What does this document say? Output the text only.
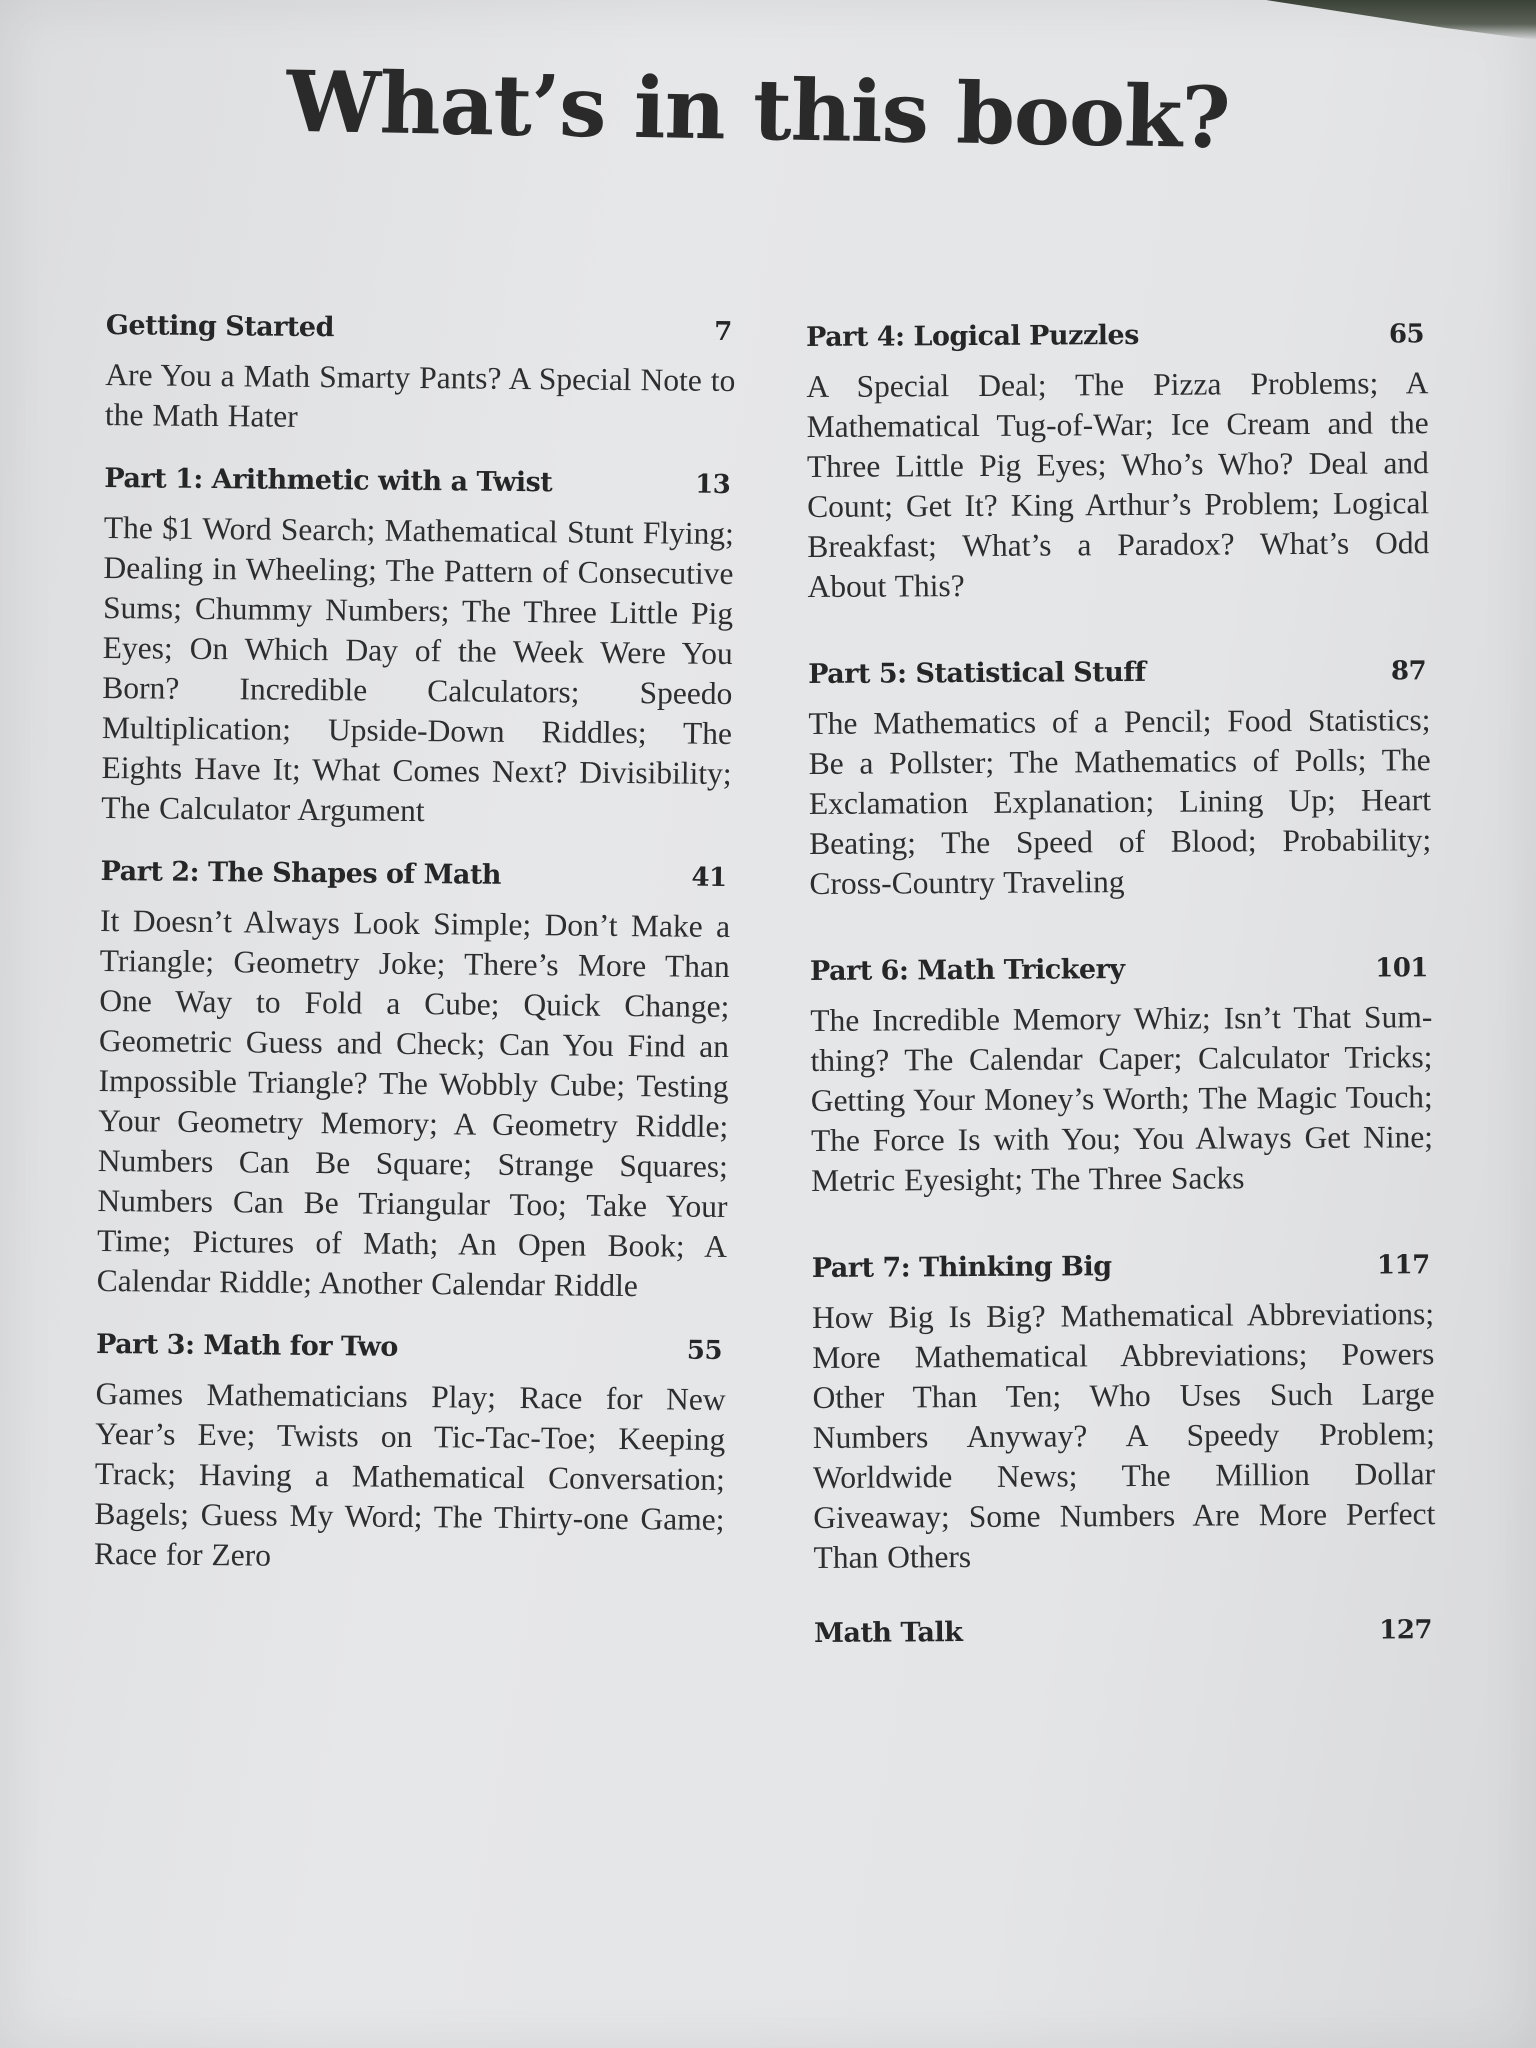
What’s in this book?
Getting Started	7

Are You a Math Smarty Pants? A Special Note to the Math Hater

Part 1: Arithmetic with a Twist	13

The $1 Word Search; Mathematical Stunt Flying; Dealing in Wheeling; The Pattern of Consecutive Sums; Chummy Numbers; The Three Little Pig Eyes; On Which Day of the Week Were You Born? Incredible Calculators; Speedo Multiplication; Upside-Down Riddles; The Eights Have It; What Comes Next? Divisibility; The Calculator Argument

Part 2: The Shapes of Math	41

It Doesn’t Always Look Simple; Don’t Make a Triangle; Geometry Joke; There’s More Than One Way to Fold a Cube; Quick Change; Geometric Guess and Check; Can You Find an Impossible Triangle? The Wobbly Cube; Testing Your Geometry Memory; A Geometry Riddle; Numbers Can Be Square; Strange Squares; Numbers Can Be Triangular Too; Take Your Time; Pictures of Math; An Open Book; A Calendar Riddle; Another Calendar Riddle

Part 3: Math for Two	55

Games Mathematicians Play; Race for New Year’s Eve; Twists on Tic-Tac-Toe; Keeping Track; Having a Mathematical Conversation; Bagels; Guess My Word; The Thirty-one Game; Race for Zero

Part 4: Logical Puzzles	65

A Special Deal; The Pizza Problems; A Mathematical Tug-of-War; Ice Cream and the Three Little Pig Eyes; Who’s Who? Deal and Count; Get It? King Arthur’s Problem; Logical Breakfast; What’s a Paradox? What’s Odd About This?

Part 5: Statistical Stuff	87

The Mathematics of a Pencil; Food Statistics; Be a Pollster; The Mathematics of Polls; The Exclamation Explanation; Lining Up; Heart Beating; The Speed of Blood; Probability; Cross-Country Traveling

Part 6: Math Trickery	101

The Incredible Memory Whiz; Isn’t That Sum-thing? The Calendar Caper; Calculator Tricks; Getting Your Money’s Worth; The Magic Touch; The Force Is with You; You Always Get Nine; Metric Eyesight; The Three Sacks

Part 7: Thinking Big	117

How Big Is Big? Mathematical Abbreviations; More Mathematical Abbreviations; Powers Other Than Ten; Who Uses Such Large Numbers Anyway? A Speedy Problem; Worldwide News; The Million Dollar Giveaway; Some Numbers Are More Perfect Than Others

Math Talk	127
